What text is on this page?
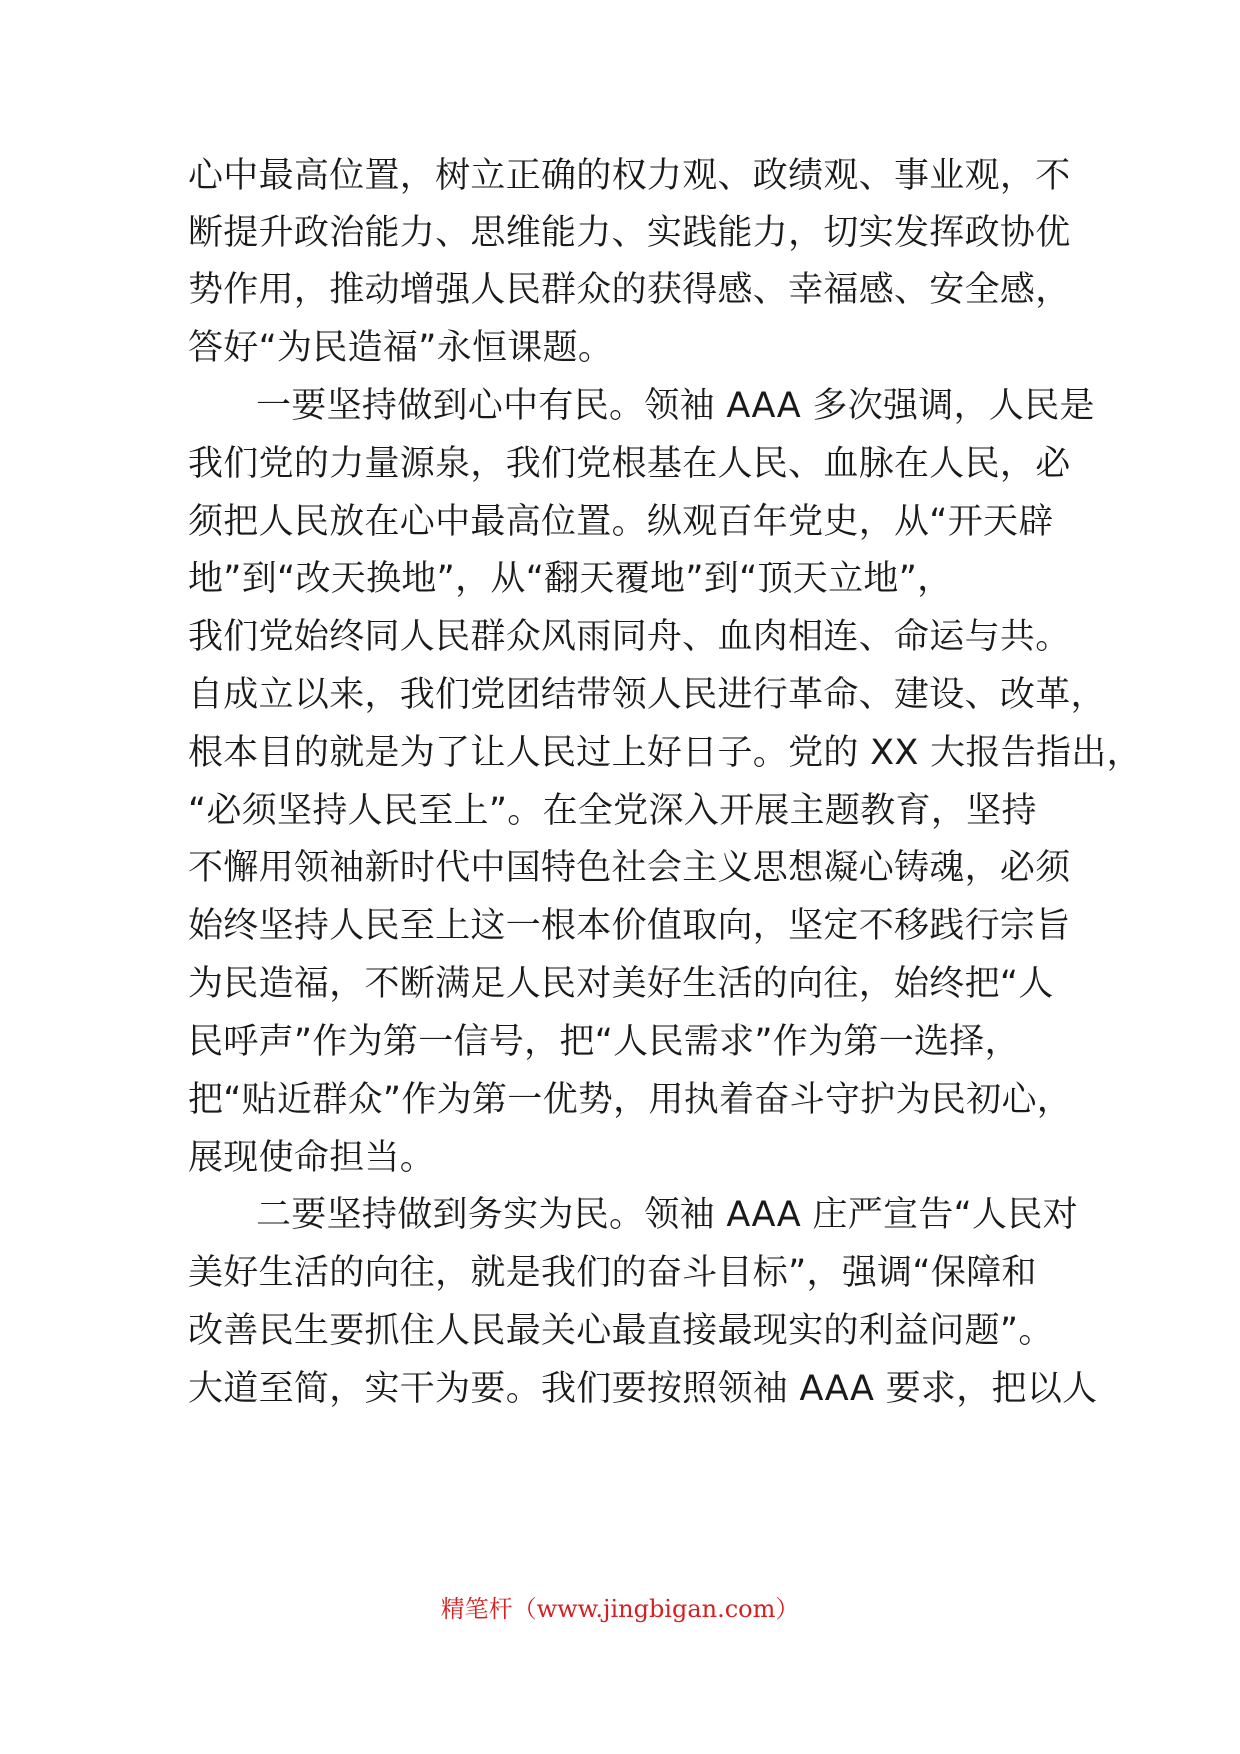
心中最高位置，树立正确的权力观、政绩观、事业观，不
断提升政治能力、思维能力、实践能力，切实发挥政协优
势作用，推动增强人民群众的获得感、幸福感、安全感，
答好“为民造福”永恒课题。
一要坚持做到心中有民。领袖 AAA 多次强调，人民是
我们党的力量源泉，我们党根基在人民、血脉在人民，必
须把人民放在心中最高位置。纵观百年党史，从“开天辟
地”到“改天换地”，从“翻天覆地”到“顶天立地”，
我们党始终同人民群众风雨同舟、血肉相连、命运与共。
自成立以来，我们党团结带领人民进行革命、建设、改革，
根本目的就是为了让人民过上好日子。党的 XX 大报告指出，
“必须坚持人民至上”。在全党深入开展主题教育，坚持
不懈用领袖新时代中国特色社会主义思想凝心铸魂，必须
始终坚持人民至上这一根本价值取向，坚定不移践行宗旨
为民造福，不断满足人民对美好生活的向往，始终把“人
民呼声”作为第一信号，把“人民需求”作为第一选择，
把“贴近群众”作为第一优势，用执着奋斗守护为民初心，
展现使命担当。
二要坚持做到务实为民。领袖 AAA 庄严宣告“人民对
美好生活的向往，就是我们的奋斗目标”，强调“保障和
改善民生要抓住人民最关心最直接最现实的利益问题”。
大道至简，实干为要。我们要按照领袖 AAA 要求，把以人
精笔杆（www.jingbigan.com）
